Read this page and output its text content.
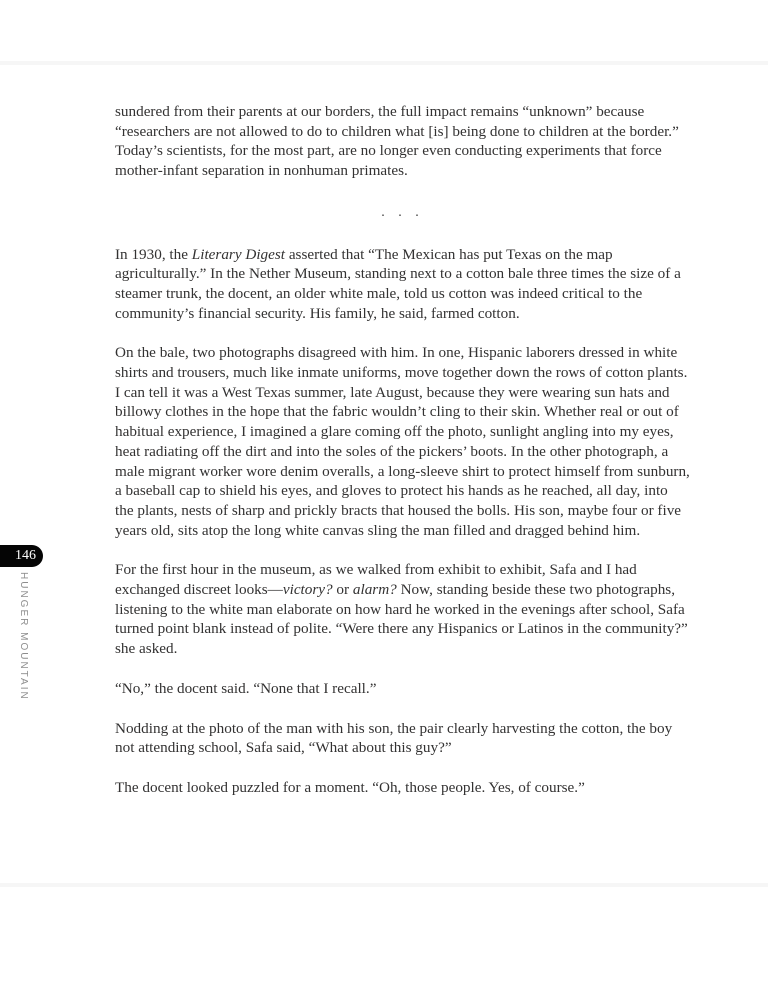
146
HUNGER MOUNTAIN

sundered from their parents at our borders, the full impact remains “unknown” because “researchers are not allowed to do to children what [is] being done to children at the border.” Today’s scientists, for the most part, are no longer even conducting experiments that force mother-infant separation in nonhuman primates.

. . .

In 1930, the Literary Digest asserted that “The Mexican has put Texas on the map agriculturally.” In the Nether Museum, standing next to a cotton bale three times the size of a steamer trunk, the docent, an older white male, told us cotton was indeed critical to the community’s financial security. His family, he said, farmed cotton.

On the bale, two photographs disagreed with him. In one, Hispanic laborers dressed in white shirts and trousers, much like inmate uniforms, move together down the rows of cotton plants. I can tell it was a West Texas summer, late August, because they were wearing sun hats and billowy clothes in the hope that the fabric wouldn’t cling to their skin. Whether real or out of habitual experience, I imagined a glare coming off the photo, sunlight angling into my eyes, heat radiating off the dirt and into the soles of the pickers’ boots. In the other photograph, a male migrant worker wore denim overalls, a long-sleeve shirt to protect himself from sunburn, a baseball cap to shield his eyes, and gloves to protect his hands as he reached, all day, into the plants, nests of sharp and prickly bracts that housed the bolls. His son, maybe four or five years old, sits atop the long white canvas sling the man filled and dragged behind him.

For the first hour in the museum, as we walked from exhibit to exhibit, Safa and I had exchanged discreet looks—victory? or alarm? Now, standing beside these two photographs, listening to the white man elaborate on how hard he worked in the evenings after school, Safa turned point blank instead of polite. “Were there any Hispanics or Latinos in the community?” she asked.

“No,” the docent said. “None that I recall.”

Nodding at the photo of the man with his son, the pair clearly harvesting the cotton, the boy not attending school, Safa said, “What about this guy?”

The docent looked puzzled for a moment. “Oh, those people. Yes, of course.”
